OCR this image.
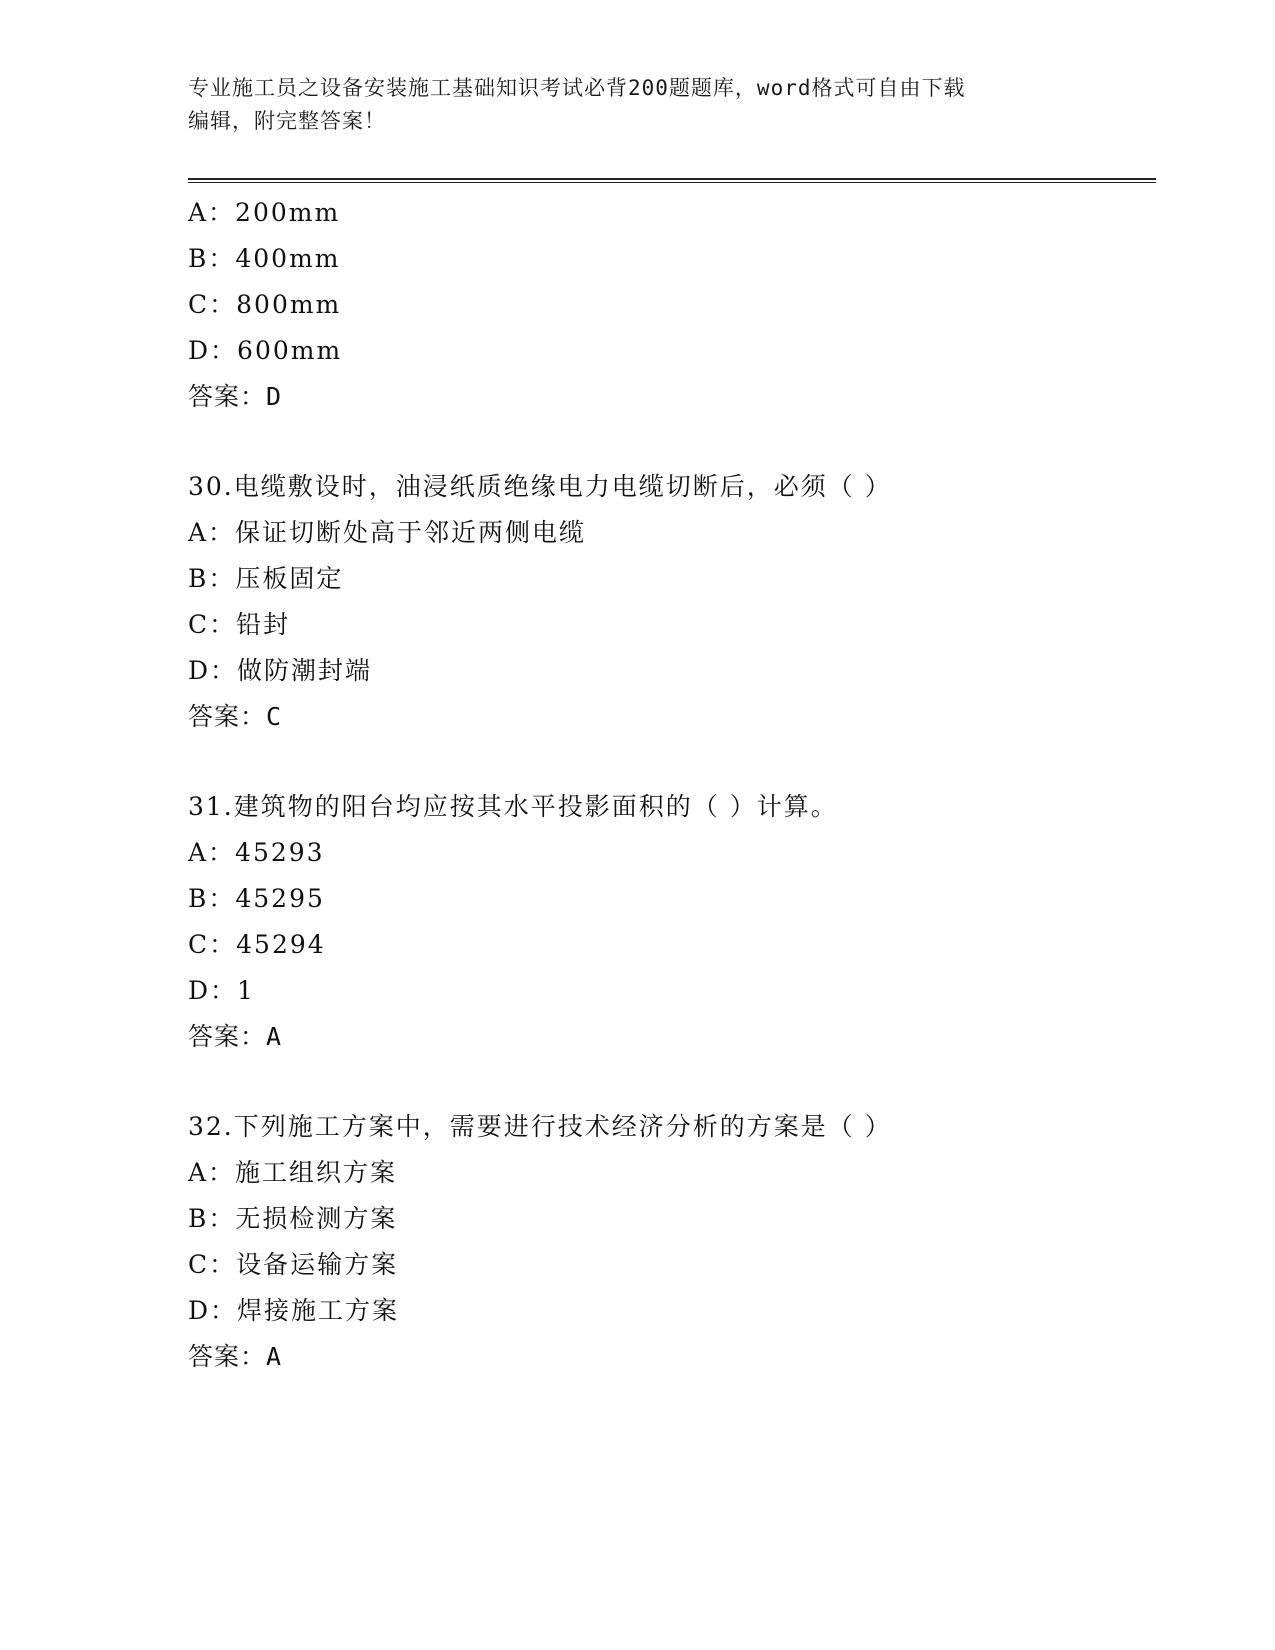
专业施工员之设备安装施工基础知识考试必背200题题库，word格式可自由下载
编辑，附完整答案！
A：200mm
B：400mm
C：800mm
D：600mm
答案：D
30.电缆敷设时，油浸纸质绝缘电力电缆切断后，必须（ ）
A：保证切断处高于邻近两侧电缆
B：压板固定
C：铅封
D：做防潮封端
答案：C
31.建筑物的阳台均应按其水平投影面积的（ ）计算。
A：45293
B：45295
C：45294
D：1
答案：A
32.下列施工方案中，需要进行技术经济分析的方案是（ ）
A：施工组织方案
B：无损检测方案
C：设备运输方案
D：焊接施工方案
答案：A
